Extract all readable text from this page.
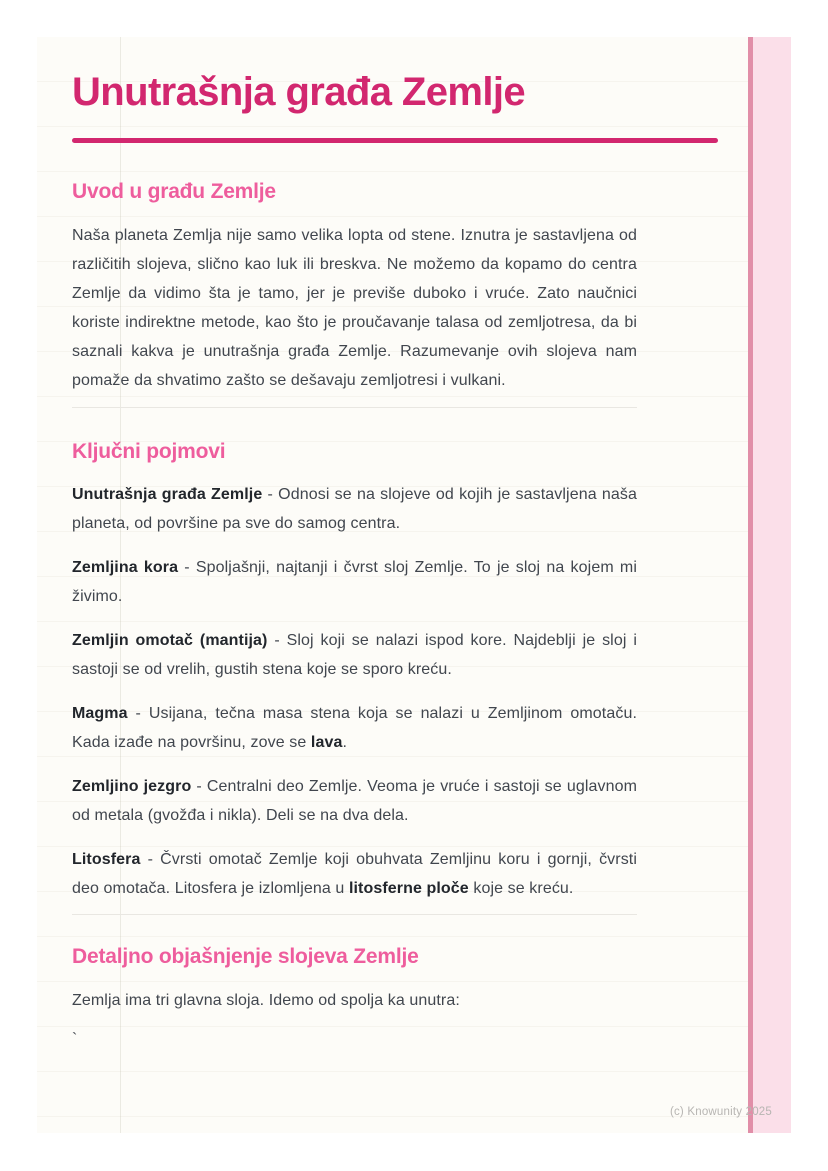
Unutrašnja građa Zemlje
Uvod u građu Zemlje

Naša planeta Zemlja nije samo velika lopta od stene. Iznutra je sastavljena od različitih slojeva, slično kao luk ili breskva. Ne možemo da kopamo do centra Zemlje da vidimo šta je tamo, jer je previše duboko i vruće. Zato naučnici koriste indirektne metode, kao što je proučavanje talasa od zemljotresa, da bi saznali kakva je unutrašnja građa Zemlje. Razumevanje ovih slojeva nam pomaže da shvatimo zašto se dešavaju zemljotresi i vulkani.

Ključni pojmovi

Unutrašnja građa Zemlje - Odnosi se na slojeve od kojih je sastavljena naša planeta, od površine pa sve do samog centra.

Zemljina kora - Spoljašnji, najtanji i čvrst sloj Zemlje. To je sloj na kojem mi živimo.

Zemljin omotač (mantija) - Sloj koji se nalazi ispod kore. Najdeblji je sloj i sastoji se od vrelih, gustih stena koje se sporo kreću.

Magma - Usijana, tečna masa stena koja se nalazi u Zemljinom omotaču. Kada izađe na površinu, zove se lava.

Zemljino jezgro - Centralni deo Zemlje. Veoma je vruće i sastoji se uglavnom od metala (gvožđa i nikla). Deli se na dva dela.

Litosfera - Čvrsti omotač Zemlje koji obuhvata Zemljinu koru i gornji, čvrsti deo omotača. Litosfera je izlomljena u litosferne ploče koje se kreću.

Detaljno objašnjenje slojeva Zemlje

Zemlja ima tri glavna sloja. Idemo od spolja ka unutra:

`

(c) Knowunity 2025
